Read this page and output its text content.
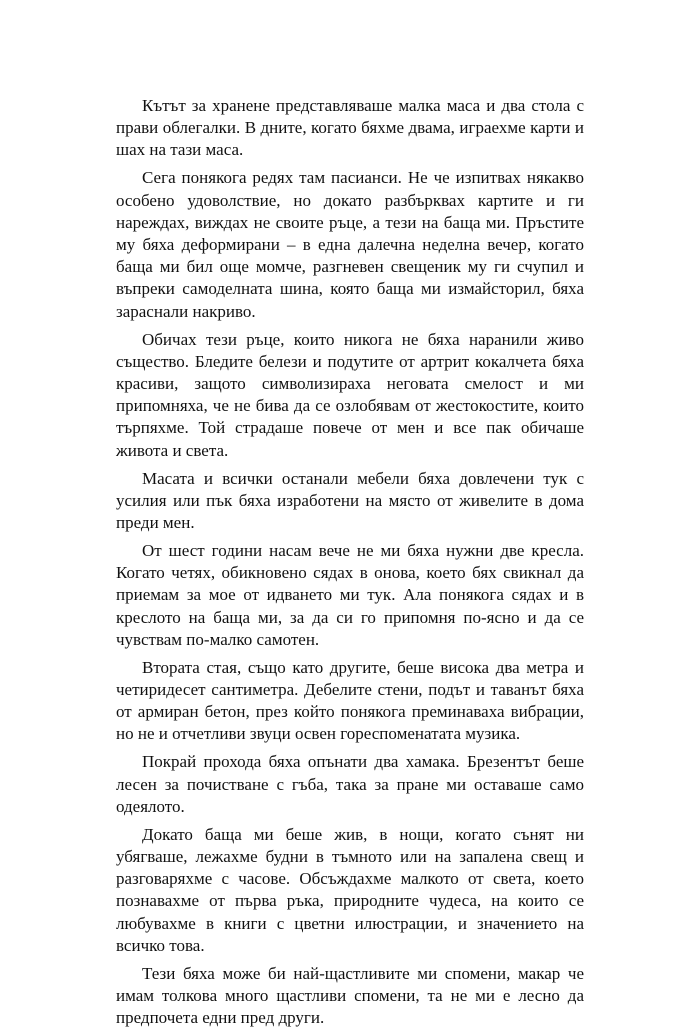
Кътът за хранене представляваше малка маса и два стола с прави облегалки. В дните, когато бяхме двама, играехме карти и шах на тази маса.

Сега понякога редях там пасианси. Не че изпитвах някакво особено удоволствие, но докато разбърквах картите и ги нареждах, виждах не своите ръце, а тези на баща ми. Пръстите му бяха деформирани – в една далечна неделна вечер, когато баща ми бил още момче, разгневен свещеник му ги счупил и въпреки самоделната шина, която баща ми измайсторил, бяха зараснали накриво.

Обичах тези ръце, които никога не бяха наранили живо същество. Бледите белези и подутите от артрит кокалчета бяха красиви, защото символизираха неговата смелост и ми припомняха, че не бива да се озлобявам от жестокостите, които търпяхме. Той страдаше повече от мен и все пак обичаше живота и света.

Масата и всички останали мебели бяха довлечени тук с усилия или пък бяха изработени на място от живелите в дома преди мен.

От шест години насам вече не ми бяха нужни две кресла. Когато четях, обикновено сядах в онова, което бях свикнал да приемам за мое от идването ми тук. Ала понякога сядах и в креслото на баща ми, за да си го припомня по-ясно и да се чувствам по-малко самотен.

Втората стая, също като другите, беше висока два метра и четиридесет сантиметра. Дебелите стени, подът и таванът бяха от армиран бетон, през който понякога преминаваха вибрации, но не и отчетливи звуци освен гореспоменатата музика.

Покрай прохода бяха опънати два хамака. Брезентът беше лесен за почистване с гъба, така за пране ми оставаше само одеялото.

Докато баща ми беше жив, в нощи, когато сънят ни убягваше, лежахме будни в тъмното или на запалена свещ и разговаряхме с часове. Обсъждахме малкото от света, което познавахме от първа ръка, природните чудеса, на които се любувахме в книги с цветни илюстрации, и значението на всичко това.

Тези бяха може би най-щастливите ми спомени, макар че имам толкова много щастливи спомени, та не ми е лесно да предпочета едни пред други.
